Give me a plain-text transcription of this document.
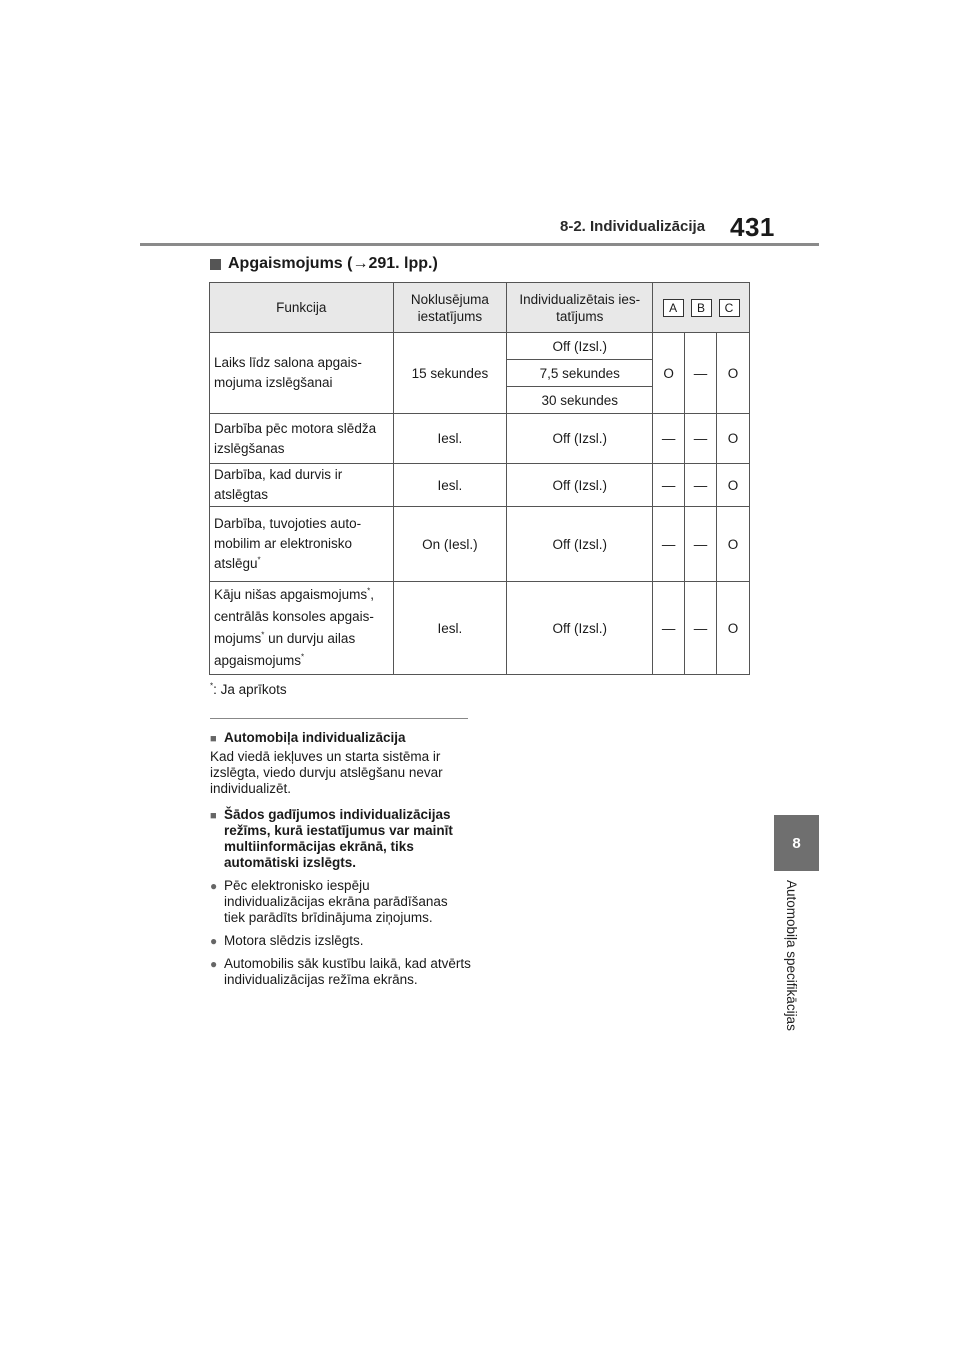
8-2. Individualizācija 431
8
Automobiļa specifikācijas
Apgaismojums (→291. lpp.)
Funkcija	Noklusējuma iestatījums	Individualizētais ies-tatījums	A B C		

Laiks līdz salona apgais-mojuma izslēgšanai	15 sekundes	Off (Izsl.)	O	—	O
		7,5 sekundes			
		30 sekundes			
Darbība pēc motora slēdža izslēgšanas	Iesl.	Off (Izsl.)	—	—	O
Darbība, kad durvis ir atslēgtas	Iesl.	Off (Izsl.)	—	—	O
Darbība, tuvojoties auto-
mobilim ar elektronisko
atslēgu*	On (Iesl.)	Off (Izsl.)	—	—	O
Kāju nišas apgaismojums*,
centrālās konsoles apgais-
mojums* un durvju ailas
apgaismojums*	Iesl.	Off (Izsl.)	—	—	O
*: Ja aprīkots
■ Automobiļa individualizācija
Kad viedā iekļuves un starta sistēma ir izslēgta, viedo durvju atslēgšanu nevar individualizēt.
■ Šādos gadījumos individualizācijas režīms, kurā iestatījumus var mainīt multiinformācijas ekrānā, tiks automātiski izslēgts.
● Pēc elektronisko iespēju individualizācijas ekrāna parādīšanas tiek parādīts brīdinājuma ziņojums.
● Motora slēdzis izslēgts.
● Automobilis sāk kustību laikā, kad atvērts individualizācijas režīma ekrāns.
